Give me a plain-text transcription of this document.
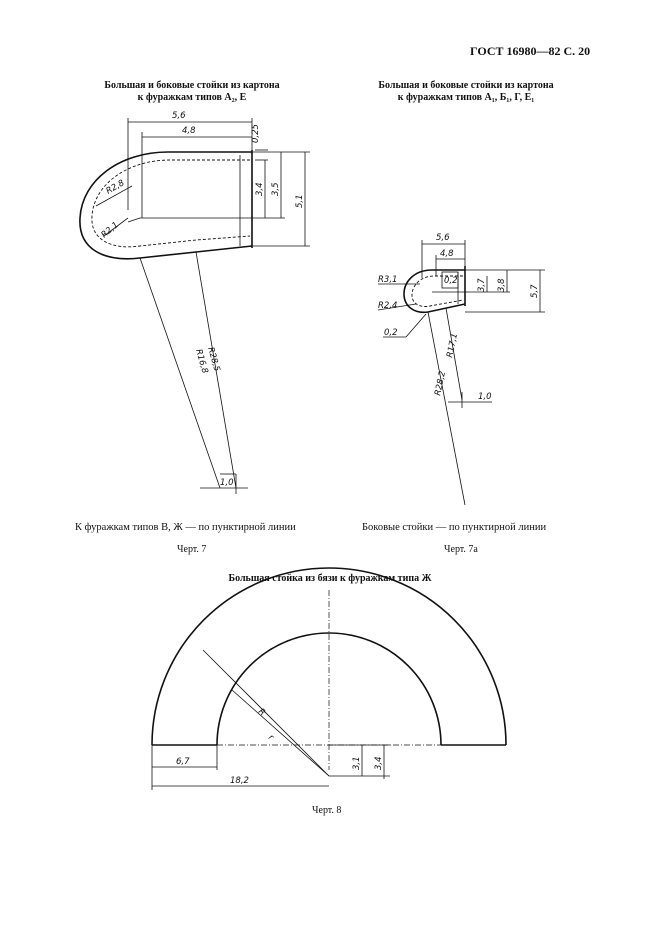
ГОСТ 16980—82 С. 20
Большая и боковые стойки из картона
к фуражкам типов А₂, Е
Большая и боковые стойки из картона
к фуражкам типов А₁, Б₁, Г, Е₁
5,6
4,8	0,25
3,4 3,5
5,1
R2,8
R2,1
R28,5
R16,8
1,0
5,6
4,8
0,2 3,7 3,8	5,7
R3,1
R2,4
0,2
R28,2
R17,1
1,0
R
r
6,7
18,2
3,1 3,4
К фуражкам типов В, Ж — по пунктирной линии
Черт. 7
Боковые стойки — по пунктирной линии
Черт. 7а
Большая стойка из бязи к фуражкам типа Ж
Черт. 8
